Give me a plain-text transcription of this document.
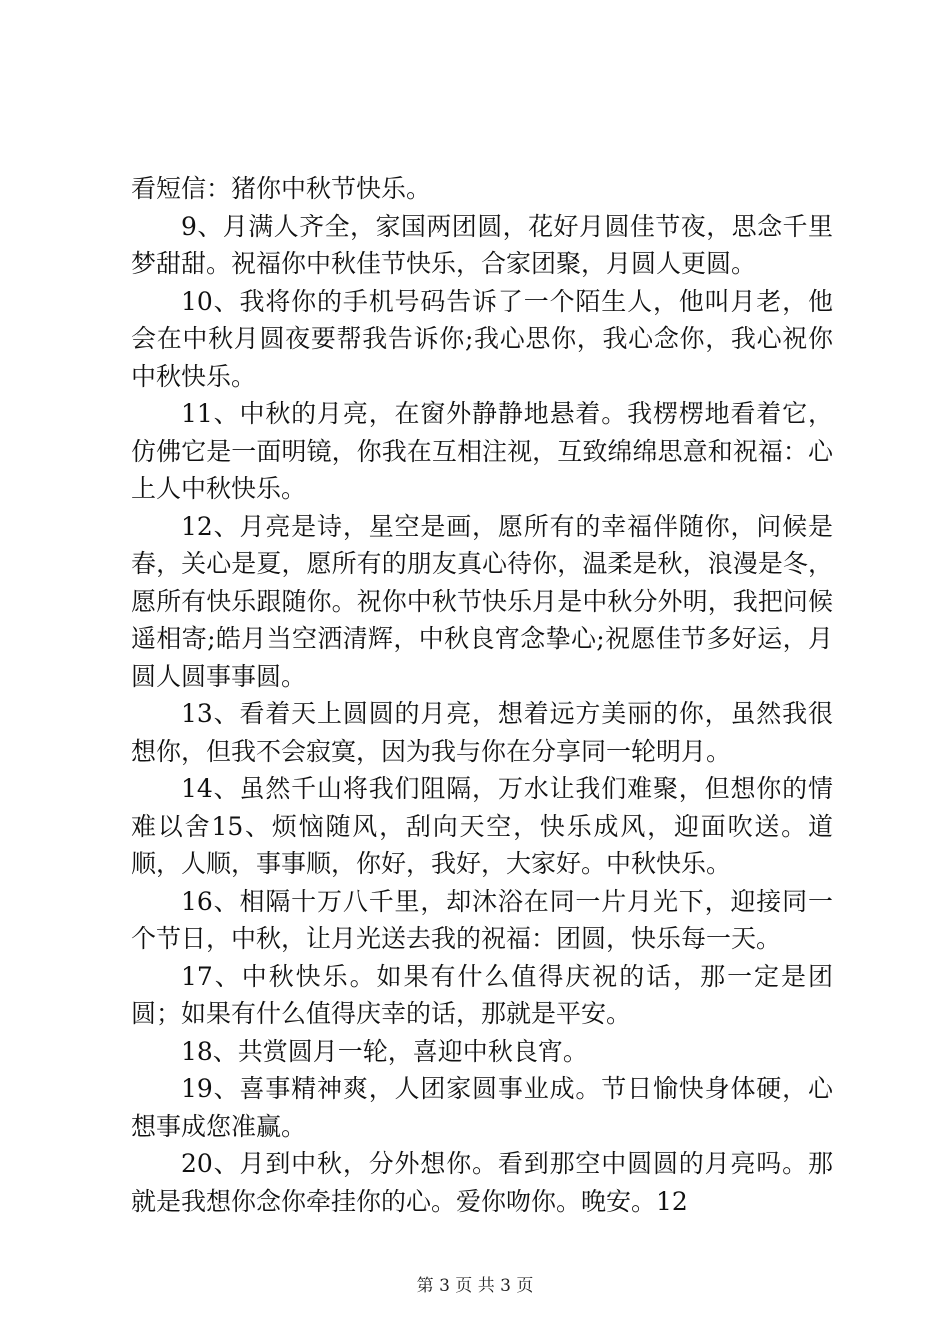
看短信：猪你中秋节快乐。

9、月满人齐全，家国两团圆，花好月圆佳节夜，思念千里梦甜甜。祝福你中秋佳节快乐，合家团聚，月圆人更圆。

10、我将你的手机号码告诉了一个陌生人，他叫月老，他会在中秋月圆夜要帮我告诉你;我心思你，我心念你，我心祝你中秋快乐。

11、中秋的月亮，在窗外静静地悬着。我楞楞地看着它，仿佛它是一面明镜，你我在互相注视，互致绵绵思意和祝福：心上人中秋快乐。

12、月亮是诗，星空是画，愿所有的幸福伴随你，问候是春，关心是夏，愿所有的朋友真心待你，温柔是秋，浪漫是冬，愿所有快乐跟随你。祝你中秋节快乐月是中秋分外明，我把问候遥相寄;皓月当空洒清辉，中秋良宵念挚心;祝愿佳节多好运，月圆人圆事事圆。

13、看着天上圆圆的月亮，想着远方美丽的你，虽然我很想你，但我不会寂寞，因为我与你在分享同一轮明月。

14、虽然千山将我们阻隔，万水让我们难聚，但想你的情难以舍15、烦恼随风，刮向天空，快乐成风，迎面吹送。道顺，人顺，事事顺，你好，我好，大家好。中秋快乐。

16、相隔十万八千里，却沐浴在同一片月光下，迎接同一个节日，中秋，让月光送去我的祝福：团圆，快乐每一天。

17、中秋快乐。如果有什么值得庆祝的话，那一定是团圆；如果有什么值得庆幸的话，那就是平安。

18、共赏圆月一轮，喜迎中秋良宵。

19、喜事精神爽，人团家圆事业成。节日愉快身体硬，心想事成您准赢。

20、月到中秋，分外想你。看到那空中圆圆的月亮吗。那就是我想你念你牵挂你的心。爱你吻你。晚安。12

第 3 页 共 3 页
